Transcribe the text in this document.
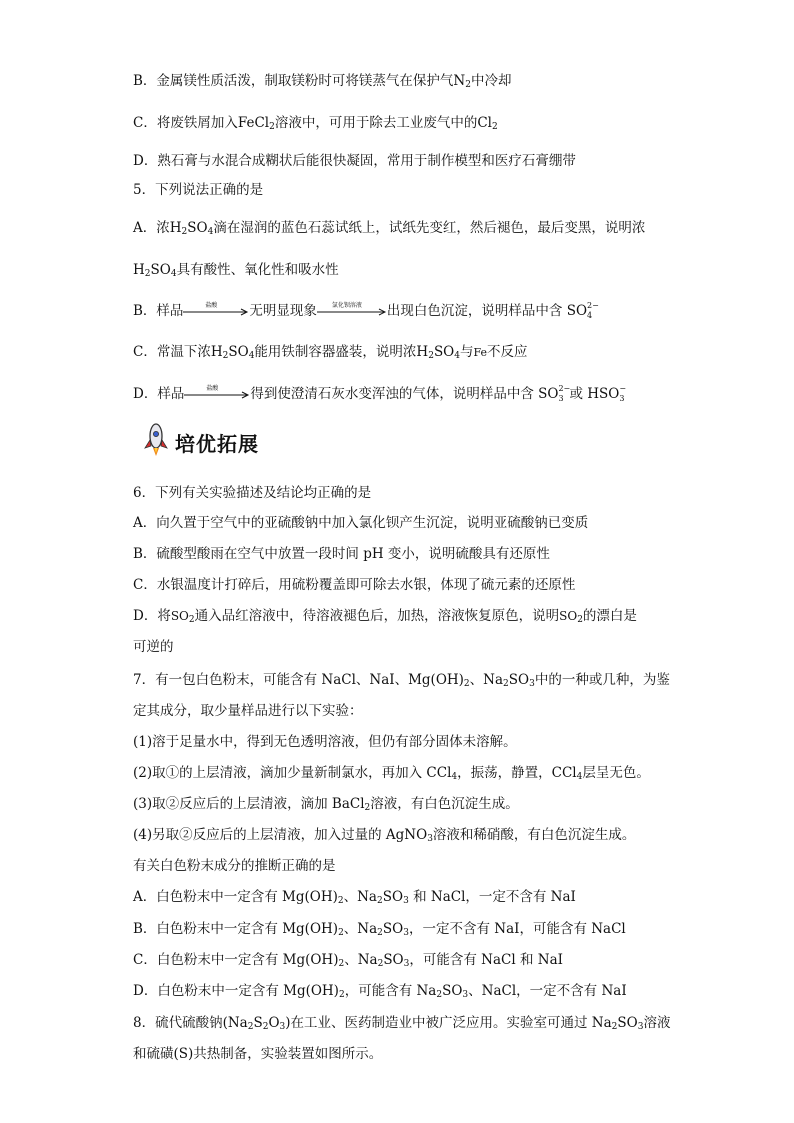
B．金属镁性质活泼，制取镁粉时可将镁蒸气在保护气$N_2$中冷却
C．将废铁屑加入FeCl$_2$溶液中，可用于除去工业废气中的$Cl_2$
D．熟石膏与水混合成糊状后能很快凝固，常用于制作模型和医疗石膏绷带
5．下列说法正确的是
A．浓$H_2SO_4$滴在湿润的蓝色石蕊试纸上，试纸先变红，然后褪色，最后变黑，说明浓
$H_2SO_4$具有酸性、氧化性和吸水性
B．样品	盐酸	无明显现象	氯化钡溶液	出现白色沉淀，说明样品中含 SO 2−
4
C．常温下浓$H_2SO_4$能用铁制容器盛装，说明浓$H_2SO_4$与Fe不反应
D．样品	盐酸	得到使澄清石灰水变浑浊的气体，说明样品中含 SO 2−
3 或 HSO −
3
培优拓展
6．下列有关实验描述及结论均正确的是
A．向久置于空气中的亚硫酸钠中加入氯化钡产生沉淀，说明亚硫酸钠已变质
B．硫酸型酸雨在空气中放置一段时间 pH 变小，说明硫酸具有还原性
C．水银温度计打碎后，用硫粉覆盖即可除去水银，体现了硫元素的还原性
D．将$SO_2$通入品红溶液中，待溶液褪色后，加热，溶液恢复原色，说明$SO_2$的漂白是
可逆的
7．有一包白色粉末，可能含有 NaCl、NaI、$Mg(OH)_2$、$Na_2SO_3$中的一种或几种，为鉴
定其成分，取少量样品进行以下实验：
(1)溶于足量水中，得到无色透明溶液，但仍有部分固体未溶解。
(2)取①的上层清液，滴加少量新制氯水，再加入 CCl$_4$，振荡，静置，CCl$_4$层呈无色。
(3)取②反应后的上层清液，滴加 BaCl$_2$溶液，有白色沉淀生成。
(4)另取②反应后的上层清液，加入过量的 AgNO$_3$溶液和稀硝酸，有白色沉淀生成。
有关白色粉末成分的推断正确的是
A．白色粉末中一定含有 $Mg(OH)_2$、$Na_2SO_3$ 和 NaCl，一定不含有 NaI
B．白色粉末中一定含有 $Mg(OH)_2$、$Na_2SO_3$，一定不含有 NaI，可能含有 NaCl
C．白色粉末中一定含有 $Mg(OH)_2$、$Na_2SO_3$，可能含有 NaCl 和 NaI
D．白色粉末中一定含有 $Mg(OH)_2$，可能含有 $Na_2SO_3$、NaCl，一定不含有 NaI
8．硫代硫酸钠$(Na_2S_2O_3)$在工业、医药制造业中被广泛应用。实验室可通过 $Na_2SO_3$溶液
和硫磺(S)共热制备，实验装置如图所示。
